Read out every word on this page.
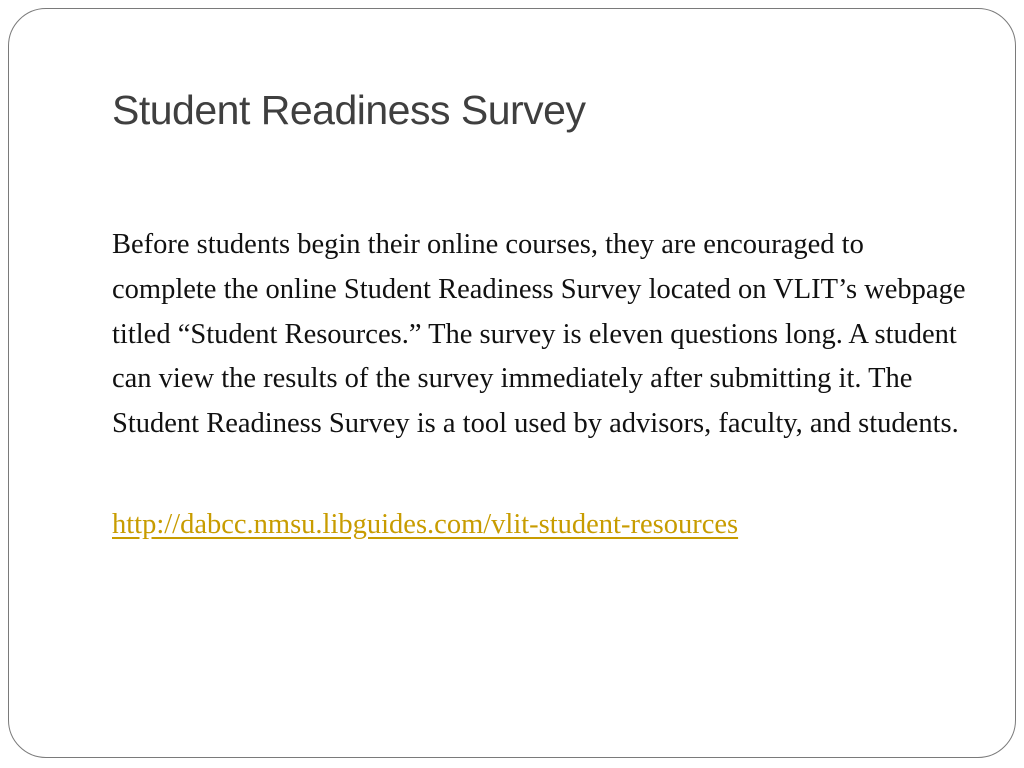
Student Readiness Survey

Before students begin their online courses, they are encouraged to complete the online Student Readiness Survey located on VLIT’s webpage titled “Student Resources.” The survey is eleven questions long. A student can view the results of the survey immediately after submitting it. The Student Readiness Survey is a tool used by advisors, faculty, and students.

http://dabcc.nmsu.libguides.com/vlit-student-resources
